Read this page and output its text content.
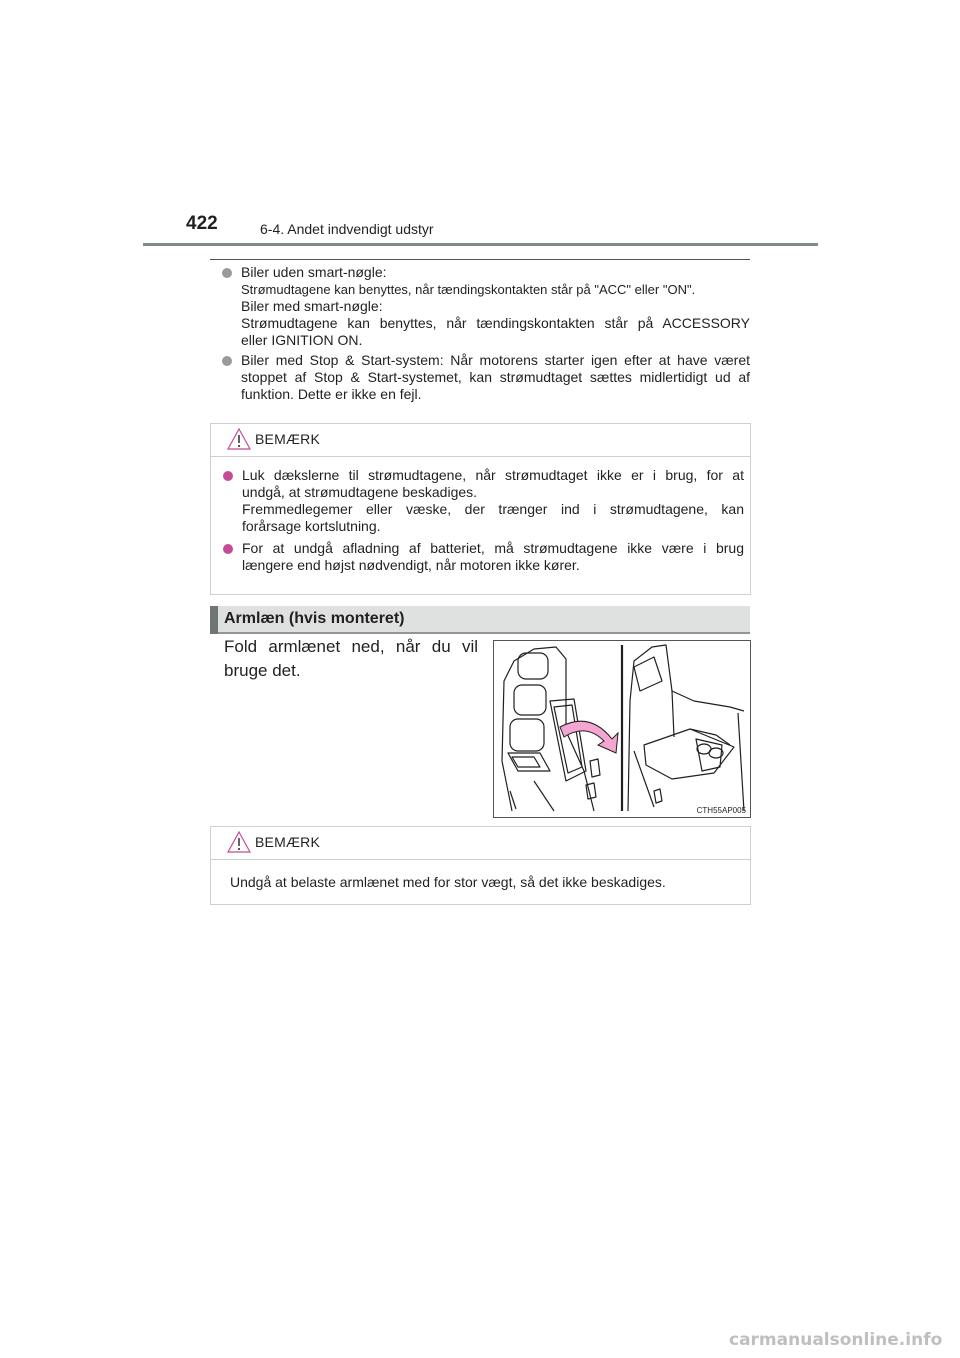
422	6-4. Andet indvendigt udstyr
Biler uden smart-nøgle:
Strømudtagene kan benyttes, når tændingskontakten står på "ACC" eller "ON".
Biler med smart-nøgle:
Strømudtagene kan benyttes, når tændingskontakten står på ACCESSORY
eller IGNITION ON.
Biler med Stop & Start-system: Når motorens starter igen efter at have været
stoppet af Stop & Start-systemet, kan strømudtaget sættes midlertidigt ud af
funktion. Dette er ikke en fejl.
BEMÆRK
Luk dækslerne til strømudtagene, når strømudtaget ikke er i brug, for at
undgå, at strømudtagene beskadiges.
Fremmedlegemer eller væske, der trænger ind i strømudtagene, kan
forårsage kortslutning.
For at undgå afladning af batteriet, må strømudtagene ikke være i brug
længere end højst nødvendigt, når motoren ikke kører.
Armlæn (hvis monteret)
Fold armlænet ned, når du vil
bruge det.
CTH55AP005
BEMÆRK
Undgå at belaste armlænet med for stor vægt, så det ikke beskadiges.
carmanualsonline.info
